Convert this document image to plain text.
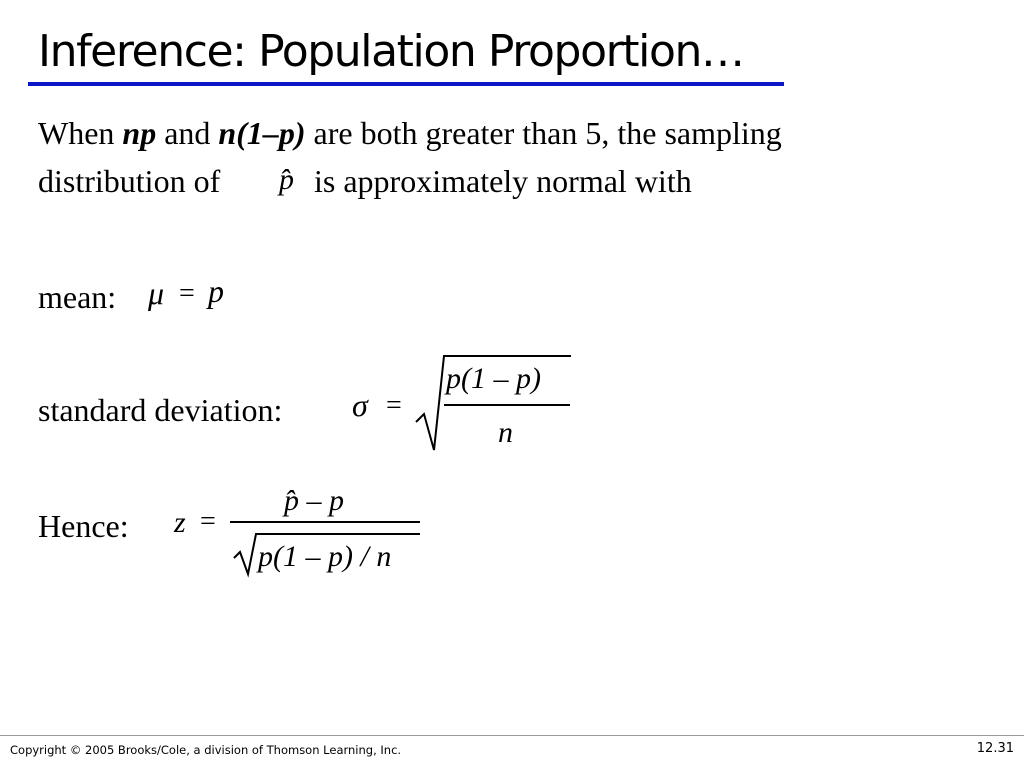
Inference: Population Proportion…

When np and n(1–p) are both greater than 5, the sampling

distribution of p̂ is approximately normal with

mean: μ = p

standard deviation: σ =
p(1 – p)
n

Hence: z =
p̂ – p
p(1 – p) / n
Copyright © 2005 Brooks/Cole, a division of Thomson Learning, Inc.	12.31
